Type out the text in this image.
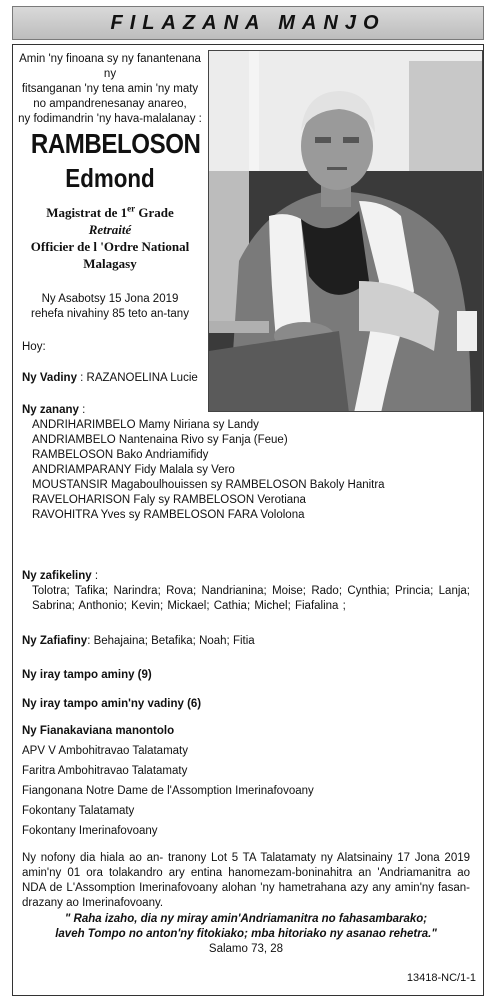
FILAZANA MANJO
Amin 'ny finoana sy ny fanantenana ny
fitsanganan 'ny tena amin 'ny maty
no ampandrenesanay anareo,
ny fodimandrin 'ny hava-malalanay :
RAMBELOSON
Edmond
Magistrat de 1er Grade
Retraité
Officier de l 'Ordre National
Malagasy
Ny Asabotsy 15 Jona 2019
rehefa nivahiny 85 teto an-tany
Hoy:
Ny Vadiny : RAZANOELINA Lucie
Ny zanany :
ANDRIHARIMBELO Mamy Niriana sy Landy
ANDRIAMBELO Nantenaina Rivo sy Fanja (Feue)
RAMBELOSON Bako Andriamifidy
ANDRIAMPARANY Fidy Malala sy Vero
MOUSTANSIR Magaboulhouissen sy RAMBELOSON Bakoly Hanitra
RAVELOHARISON Faly sy RAMBELOSON Verotiana
RAVOHITRA Yves sy RAMBELOSON FARA Vololona
Ny zafikeliny :
Tolotra; Tafika; Narindra; Rova; Nandrianina; Moise; Rado; Cynthia; Princia; Lanja; Sabrina; Anthonio; Kevin; Mickael; Cathia; Michel; Fiafalina ;
Ny Zafiafiny: Behajaina; Betafika; Noah; Fitia
Ny iray tampo aminy (9)
Ny iray tampo amin'ny vadiny (6)
Ny Fianakaviana manontolo
APV V Ambohitravao Talatamaty
Faritra Ambohitravao Talatamaty
Fiangonana Notre Dame de l'Assomption Imerinafovoany
Fokontany Talatamaty
Fokontany Imerinafovoany
Ny nofony dia hiala ao an- tranony Lot 5 TA Talatamaty ny Alatsinainy 17 Jona 2019 amin'ny 01 ora tolakandro ary entina hanomezam-boninahitra an 'Andriamanitra ao NDA de L'Assomption Imerinafovoany alohan 'ny hametrahana azy any amin'ny fasan- drazany ao Imerinafovoany.
" Raha izaho, dia ny miray amin'Andriamanitra no fahasambarako;
laveh Tompo no anton'ny fitokiako; mba hitoriako ny asanao rehetra."
Salamo 73, 28
13418-NC/1-1
